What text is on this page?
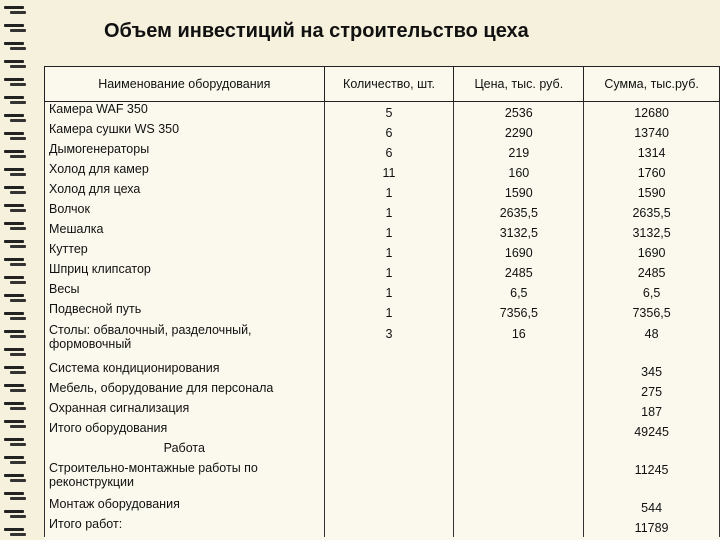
Объем инвестиций на строительство цеха
Наименование оборудования	Количество, шт.	Цена, тыс. руб.	Сумма, тыс.руб.
Камера WAF 350	5	2536	12680
Камера сушки WS 350	6	2290	13740
Дымогенераторы	6	219	1314
Холод для камер	11	160	1760
Холод для цеха	1	1590	1590
Волчок	1	2635,5	2635,5
Мешалка	1	3132,5	3132,5
Куттер	1	1690	1690
Шприц клипсатор	1	2485	2485
Весы	1	6,5	6,5
Подвесной путь	1	7356,5	7356,5
Столы: обвалочный, разделочный, формовочный	3	16	48
Система кондиционирования			345
Мебель, оборудование для персонала			275
Охранная сигнализация			187
Итого оборудования			49245
Работа			
Строительно-монтажные работы по реконструкции			11245
Монтаж оборудования			544
Итого работ:			11789
